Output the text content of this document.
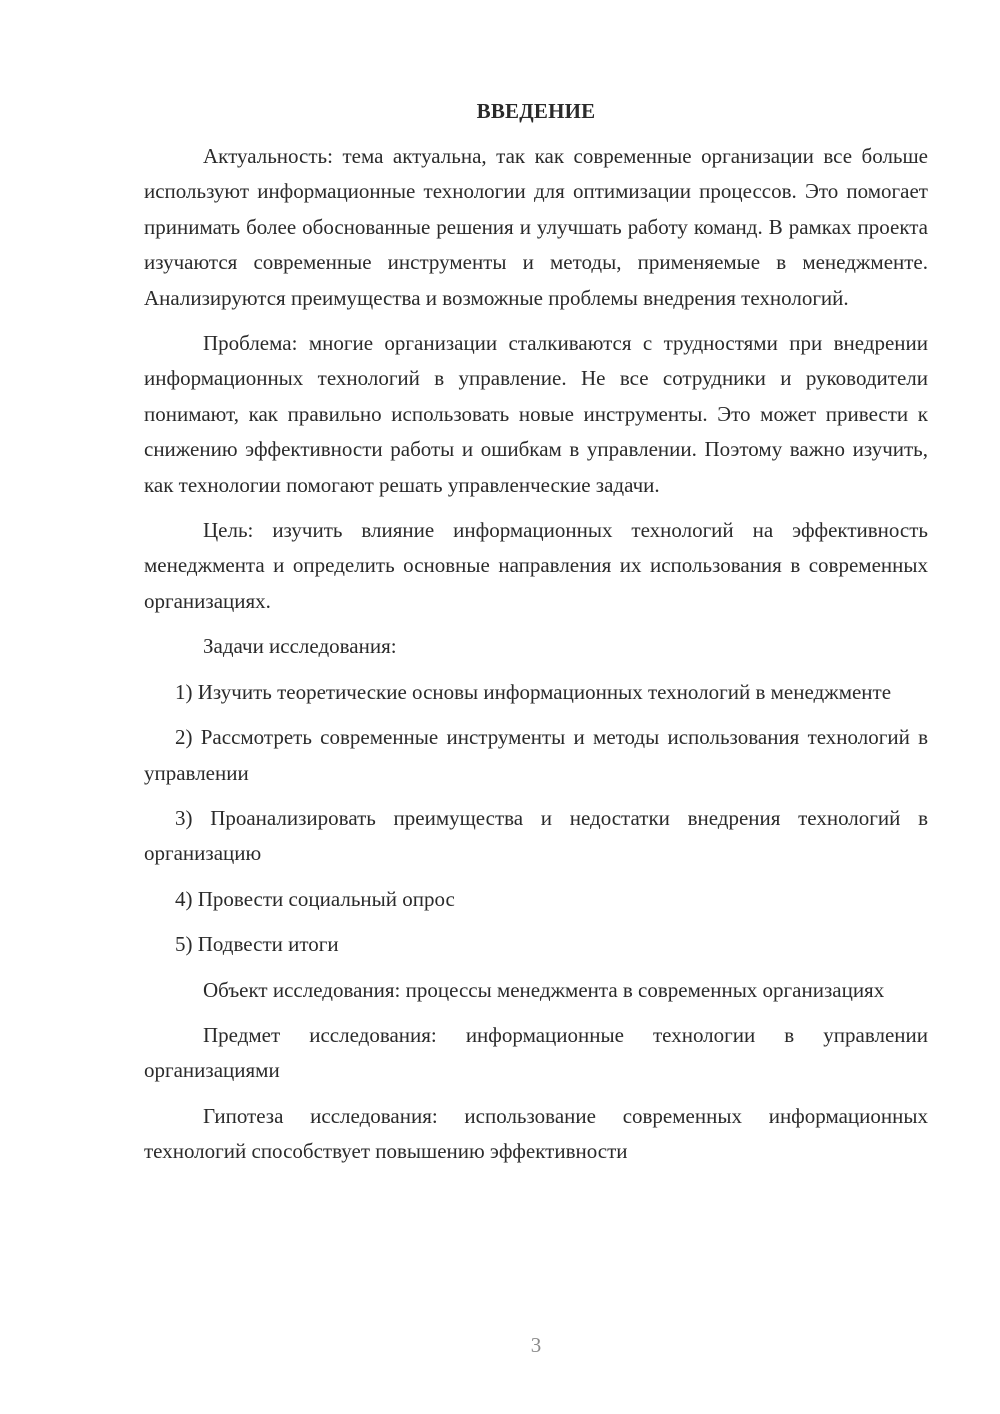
ВВЕДЕНИЕ

Актуальность: тема актуальна, так как современные организации все больше используют информационные технологии для оптимизации процессов. Это помогает принимать более обоснованные решения и улучшать работу команд. В рамках проекта изучаются современные инструменты и методы, применяемые в менеджменте. Анализируются преимущества и возможные проблемы внедрения технологий.

Проблема: многие организации сталкиваются с трудностями при внедрении информационных технологий в управление. Не все сотрудники и руководители понимают, как правильно использовать новые инструменты. Это может привести к снижению эффективности работы и ошибкам в управлении. Поэтому важно изучить, как технологии помогают решать управленческие задачи.

Цель: изучить влияние информационных технологий на эффективность менеджмента и определить основные направления их использования в современных организациях.

Задачи исследования:

1) Изучить теоретические основы информационных технологий в менеджменте

2) Рассмотреть современные инструменты и методы использования технологий в управлении

3) Проанализировать преимущества и недостатки внедрения технологий в организацию

4) Провести социальный опрос

5) Подвести итоги

Объект исследования: процессы менеджмента в современных организациях

Предмет исследования: информационные технологии в управлении организациями

Гипотеза исследования: использование современных информационных технологий способствует повышению эффективности

3
